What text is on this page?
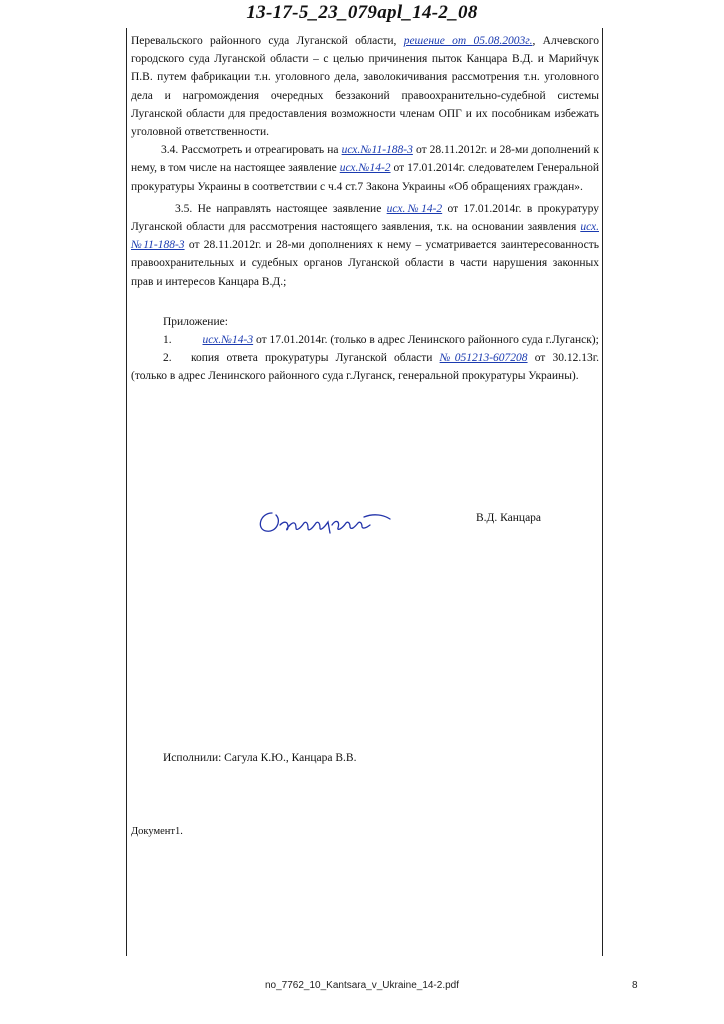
13-17-5_23_079apl_14-2_08

Перевальского районного суда Луганской области, решение от 05.08.2003г., Алчевского городского суда Луганской области – с целью причинения пыток Канцара В.Д. и Марийчук П.В. путем фабрикации т.н. уголовного дела, заволокичивания рассмотрения т.н. уголовного дела и нагромождения очередных беззаконий правоохранительно-судебной системы Луганской области для предоставления возможности членам ОПГ и их пособникам избежать уголовной ответственности.

3.4. Рассмотреть и отреагировать на исх.№11-188-3 от 28.11.2012г. и 28-ми дополнений к нему, в том числе на настоящее заявление исх.№14-2 от 17.01.2014г. следователем Генеральной прокуратуры Украины в соответствии с ч.4 ст.7 Закона Украины «Об обращениях граждан».

3.5. Не направлять настоящее заявление исх.№14-2 от 17.01.2014г. в прокуратуру Луганской области для рассмотрения настоящего заявления, т.к. на основании заявления исх.№11-188-3 от 28.11.2012г. и 28-ми дополнениях к нему – усматривается заинтересованность правоохранительных и судебных органов Луганской области в части нарушения законных прав и интересов Канцара В.Д.;

Приложение:

1.	исх.№14-3 от 17.01.2014г. (только в адрес Ленинского районного суда г.Луганск);

2. копия ответа прокуратуры Луганской области №051213-607208 от 30.12.13г. (только в адрес Ленинского районного суда г.Луганск, генеральной прокуратуры Украины).

В.Д. Канцара
Исполнили: Сагула К.Ю., Канцара В.В.
Документ1.
no_7762_10_Kantsara_v_Ukraine_14-2.pdf	8
